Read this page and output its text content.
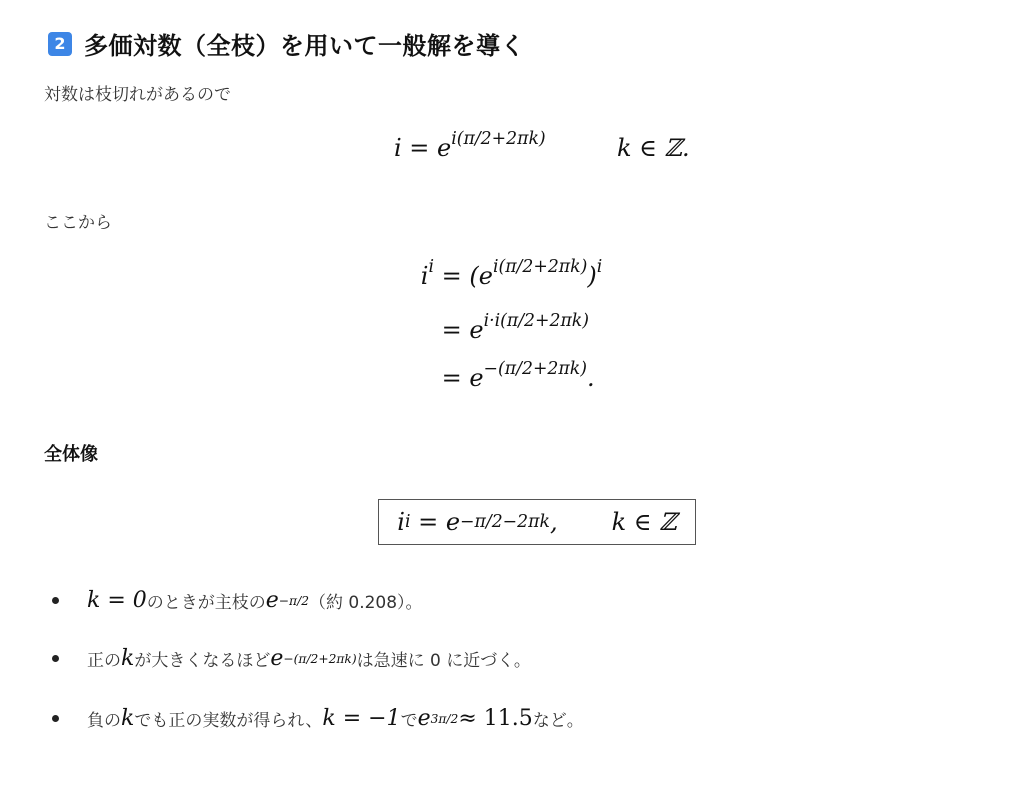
2 多価対数（全枝）を用いて一般解を導く
対数は枝切れがあるので
$i = e^{i(\pi/2+2\pi k)}$	k ∈ ℤ.
ここから
$i^i = (e^{i(\pi/2+2\pi k)})^i$
= $e^{i\cdot i(\pi/2+2\pi k)}$
= $e^{-(\pi/2+2\pi k)}$.
全体像
i i
= e −π/2−2πk , k ∈ ℤ
k = 0 のときが主枝の e −π/2 （約 0.208）。
正の k が大きくなるほど e −(π/2+2πk) は急速に 0 に近づく。
負の k でも正の実数が得られ、 k = −1 で e 3π/2 ≈ 11.5 など。
